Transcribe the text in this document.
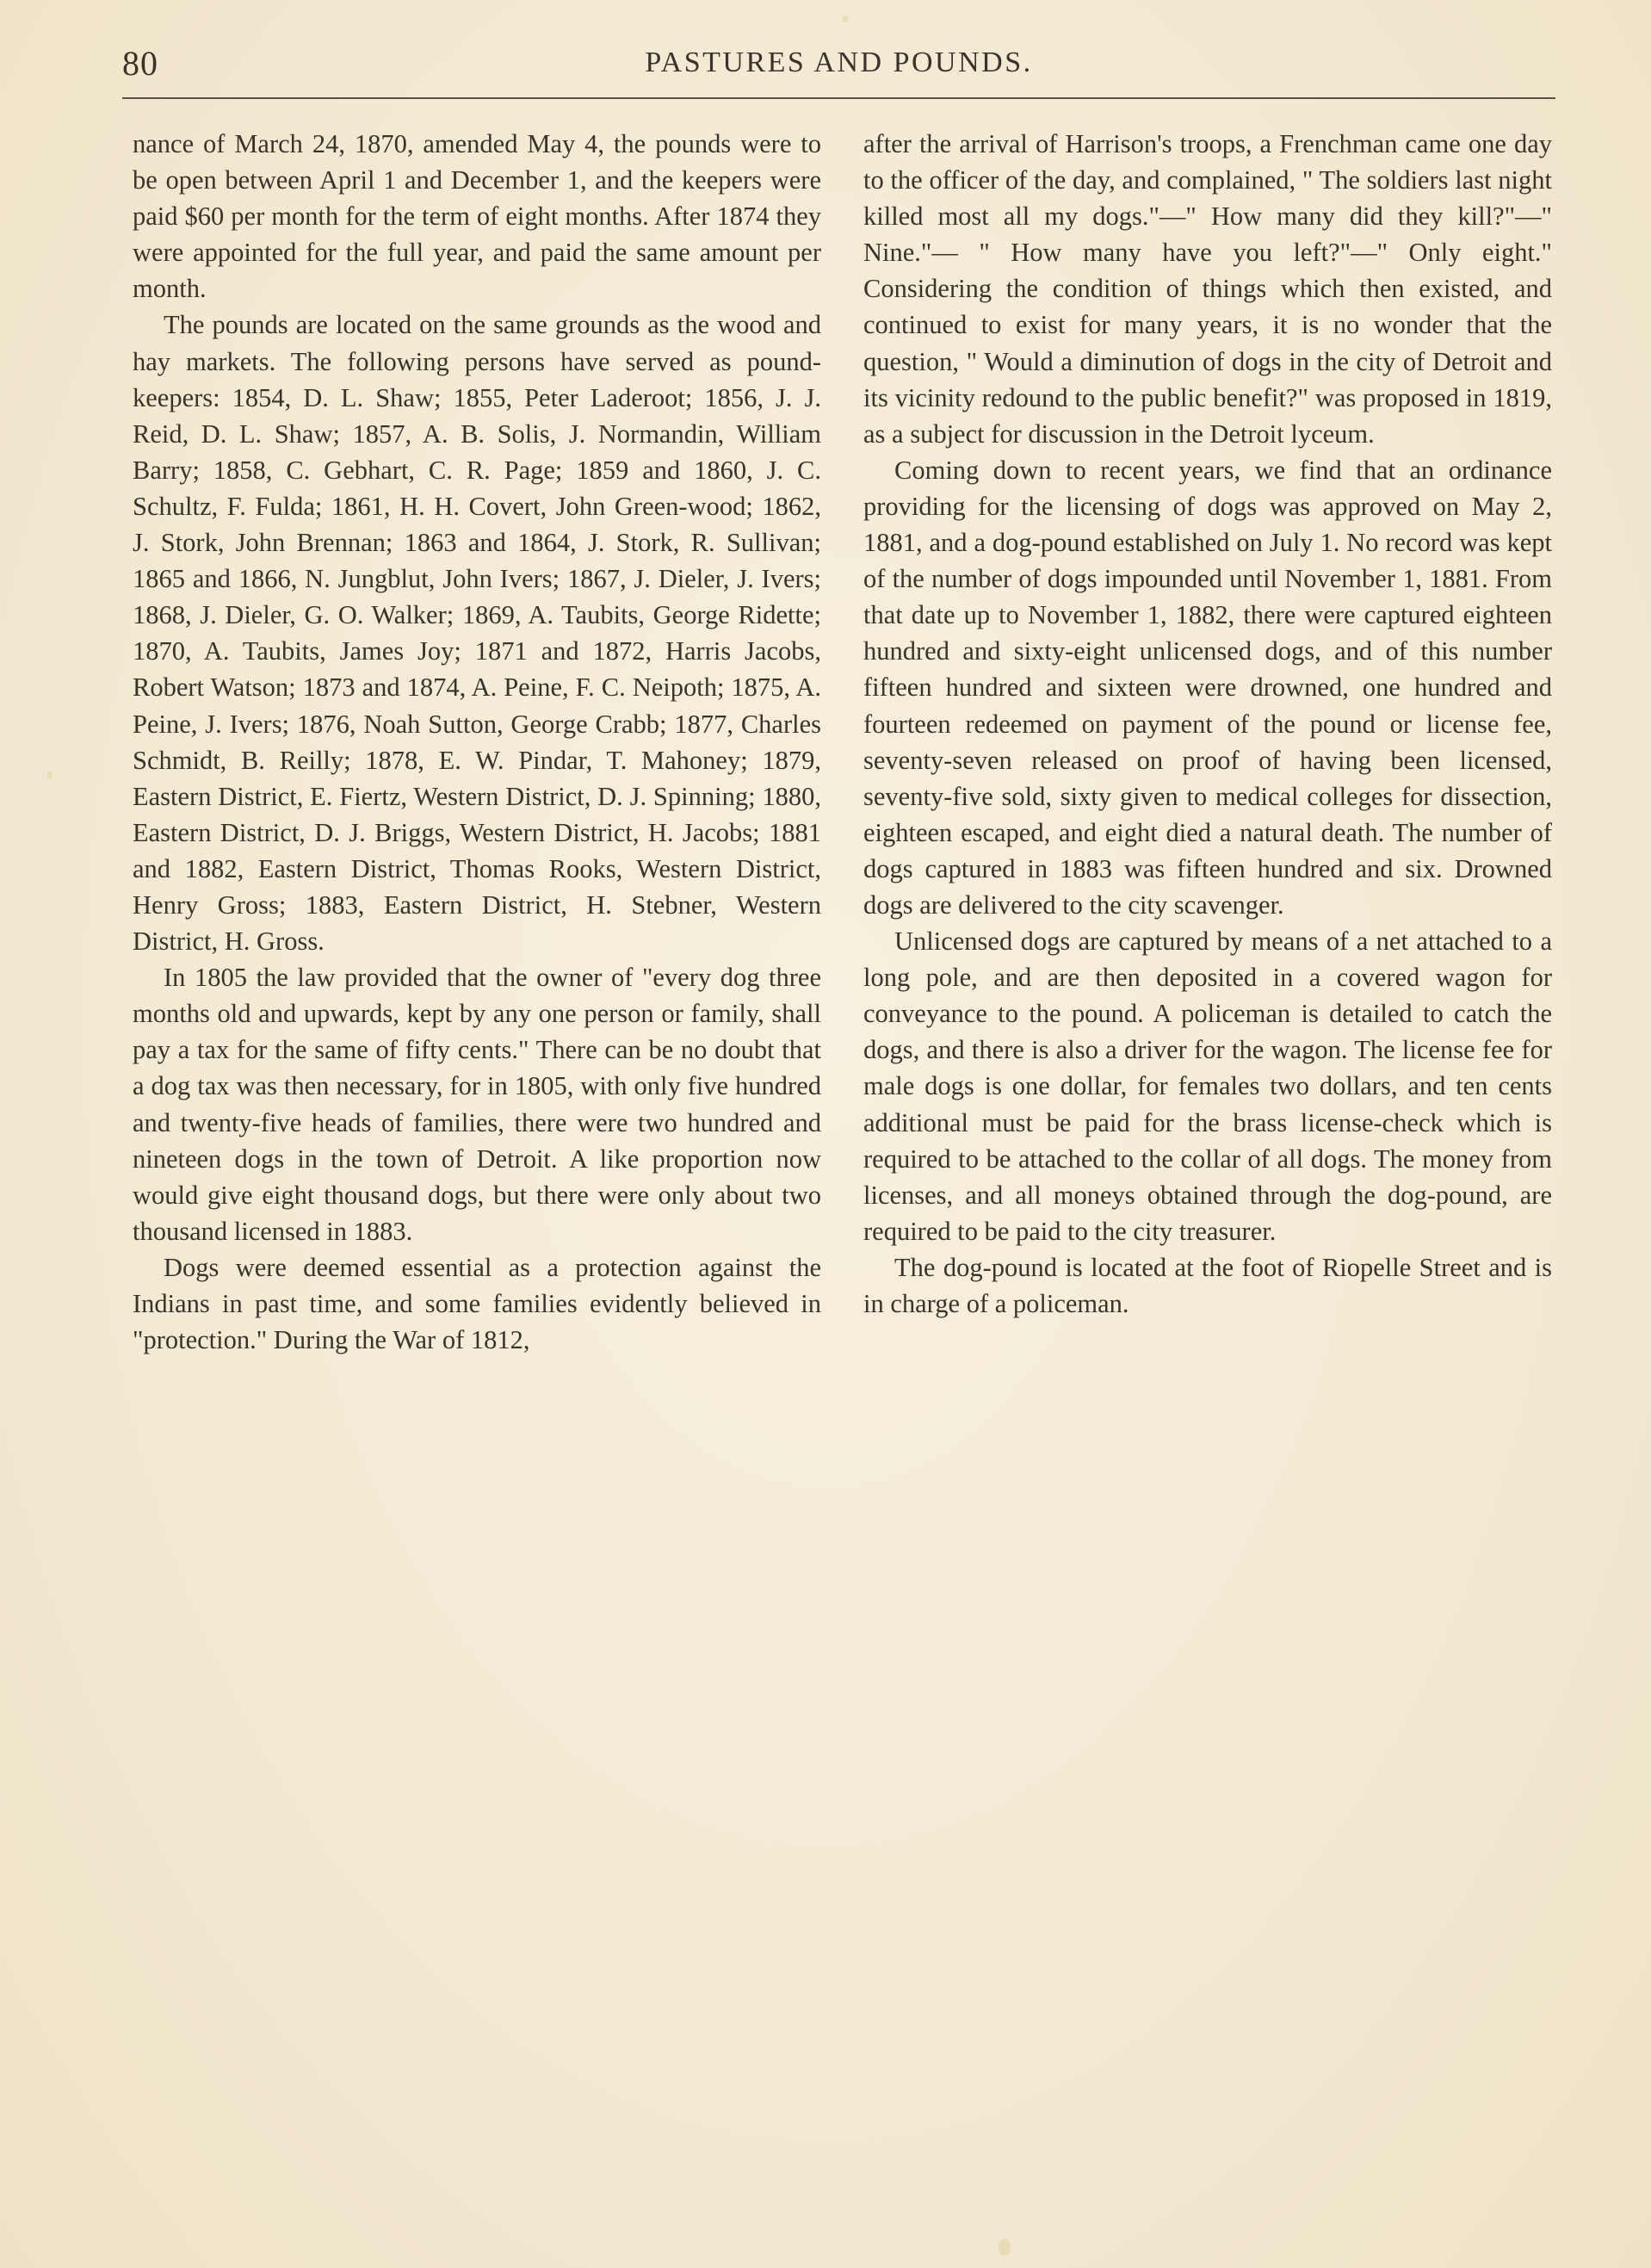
80	PASTURES AND POUNDS.

nance of March 24, 1870, amended May 4, the pounds were to be open between April 1 and December 1, and the keepers were paid $60 per month for the term of eight months. After 1874 they were appointed for the full year, and paid the same amount per month.

The pounds are located on the same grounds as the wood and hay markets. The following persons have served as pound-keepers: 1854, D. L. Shaw; 1855, Peter Laderoot; 1856, J. J. Reid, D. L. Shaw; 1857, A. B. Solis, J. Normandin, William Barry; 1858, C. Gebhart, C. R. Page; 1859 and 1860, J. C. Schultz, F. Fulda; 1861, H. H. Covert, John Green-wood; 1862, J. Stork, John Brennan; 1863 and 1864, J. Stork, R. Sullivan; 1865 and 1866, N. Jungblut, John Ivers; 1867, J. Dieler, J. Ivers; 1868, J. Dieler, G. O. Walker; 1869, A. Taubits, George Ridette; 1870, A. Taubits, James Joy; 1871 and 1872, Harris Jacobs, Robert Watson; 1873 and 1874, A. Peine, F. C. Neipoth; 1875, A. Peine, J. Ivers; 1876, Noah Sutton, George Crabb; 1877, Charles Schmidt, B. Reilly; 1878, E. W. Pindar, T. Mahoney; 1879, Eastern District, E. Fiertz, Western District, D. J. Spinning; 1880, Eastern District, D. J. Briggs, Western District, H. Jacobs; 1881 and 1882, Eastern District, Thomas Rooks, Western District, Henry Gross; 1883, Eastern District, H. Stebner, Western District, H. Gross.

In 1805 the law provided that the owner of "every dog three months old and upwards, kept by any one person or family, shall pay a tax for the same of fifty cents." There can be no doubt that a dog tax was then necessary, for in 1805, with only five hundred and twenty-five heads of families, there were two hundred and nineteen dogs in the town of Detroit. A like proportion now would give eight thousand dogs, but there were only about two thousand licensed in 1883.

Dogs were deemed essential as a protection against the Indians in past time, and some families evidently believed in "protection." During the War of 1812,

after the arrival of Harrison's troops, a Frenchman came one day to the officer of the day, and complained, " The soldiers last night killed most all my dogs."—" How many did they kill?"—" Nine."— " How many have you left?"—" Only eight." Considering the condition of things which then existed, and continued to exist for many years, it is no wonder that the question, " Would a diminution of dogs in the city of Detroit and its vicinity redound to the public benefit?" was proposed in 1819, as a subject for discussion in the Detroit lyceum.

Coming down to recent years, we find that an ordinance providing for the licensing of dogs was approved on May 2, 1881, and a dog-pound established on July 1. No record was kept of the number of dogs impounded until November 1, 1881. From that date up to November 1, 1882, there were captured eighteen hundred and sixty-eight unlicensed dogs, and of this number fifteen hundred and sixteen were drowned, one hundred and fourteen redeemed on payment of the pound or license fee, seventy-seven released on proof of having been licensed, seventy-five sold, sixty given to medical colleges for dissection, eighteen escaped, and eight died a natural death. The number of dogs captured in 1883 was fifteen hundred and six. Drowned dogs are delivered to the city scavenger.

Unlicensed dogs are captured by means of a net attached to a long pole, and are then deposited in a covered wagon for conveyance to the pound. A policeman is detailed to catch the dogs, and there is also a driver for the wagon. The license fee for male dogs is one dollar, for females two dollars, and ten cents additional must be paid for the brass license-check which is required to be attached to the collar of all dogs. The money from licenses, and all moneys obtained through the dog-pound, are required to be paid to the city treasurer.

The dog-pound is located at the foot of Riopelle Street and is in charge of a policeman.
